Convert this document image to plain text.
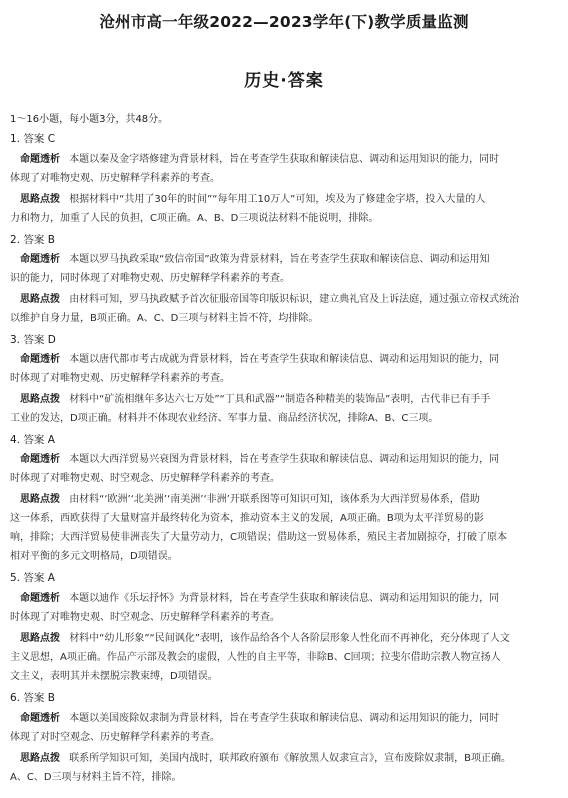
沧州市高一年级2022—2023学年(下)教学质量监测
历史·答案
1～16小题，每小题3分，共48分。
1. 答案 C
命题透析 本题以秦及金字塔修建为背景材料，旨在考查学生获取和解读信息、调动和运用知识的能力，同时
体现了对唯物史观、历史解释学科素养的考查。
思路点拨 根据材料中“共用了30年的时间”“每年用工10万人”可知，埃及为了修建金字塔，投入大量的人
力和物力，加重了人民的负担，C项正确。A、B、D三项说法材料不能说明，排除。
2. 答案 B
命题透析 本题以罗马执政采取“致信帝国”政策为背景材料，旨在考查学生获取和解读信息、调动和运用知
识的能力，同时体现了对唯物史观、历史解释学科素养的考查。
思路点拨 由材料可知，罗马执政赋予首次征服帝国等印版识标识，建立典礼官及上诉法庭，通过强立帝权式统治
以维护自身力量，B项正确。A、C、D三项与材料主旨不符，均排除。
3. 答案 D
命题透析 本题以唐代都市考古成就为背景材料，旨在考查学生获取和解读信息、调动和运用知识的能力，同
时体现了对唯物史观、历史解释学科素养的考查。
思路点拨 材料中“矿流相继年多达六七万处”“丁具和武器”“制造各种精美的装饰品”表明，古代非已有手手
工业的发达，D项正确。材料并不体现农业经济、军事力量、商品经济状况，排除A、B、C三项。
4. 答案 A
命题透析 本题以大西洋贸易兴衰图为背景材料，旨在考查学生获取和解读信息、调动和运用知识的能力，同
时体现了对唯物史观、时空观念、历史解释学科素养的考查。
思路点拨 由材料“‘欧洲’‘北美洲’‘南美洲’‘非洲’开联系图等可知识可知，该体系为大西洋贸易体系，借助
这一体系，西欧获得了大量财富并最终转化为资本，推动资本主义的发展，A项正确。B项为太平洋贸易的影
响，排除；大西洋贸易使非洲丧失了大量劳动力，C项错误；借助这一贸易体系，殖民主者加剧掠夺，打破了原本
相对平衡的多元文明格局，D项错误。
5. 答案 A
命题透析 本题以迪作《乐坛抒怀》为背景材料，旨在考查学生获取和解读信息、调动和运用知识的能力，同
时体现了对唯物史观、时空观念、历史解释学科素养的考查。
思路点拨 材料中“幼儿形象”“民间讽化”表明，该作品给各个人各阶层形象人性化而不再神化，充分体现了人文
主义思想，A项正确。作品产示部及教会的虚假，人性的自主平等，非除B、C回项；拉斐尔借助宗教人物宣扬人
文主义，表明其并未摆脱宗教束缚，D项错误。
6. 答案 B
命题透析 本题以美国废除奴隶制为背景材料，旨在考查学生获取和解读信息、调动和运用知识的能力，同时
体现了对时空观念、历史解释学科素养的考查。
思路点拨 联系所学知识可知，美国内战时，联邦政府颁布《解放黑人奴隶宣言》，宣布废除奴隶制，B项正确。
A、C、D三项与材料主旨不符，排除。
